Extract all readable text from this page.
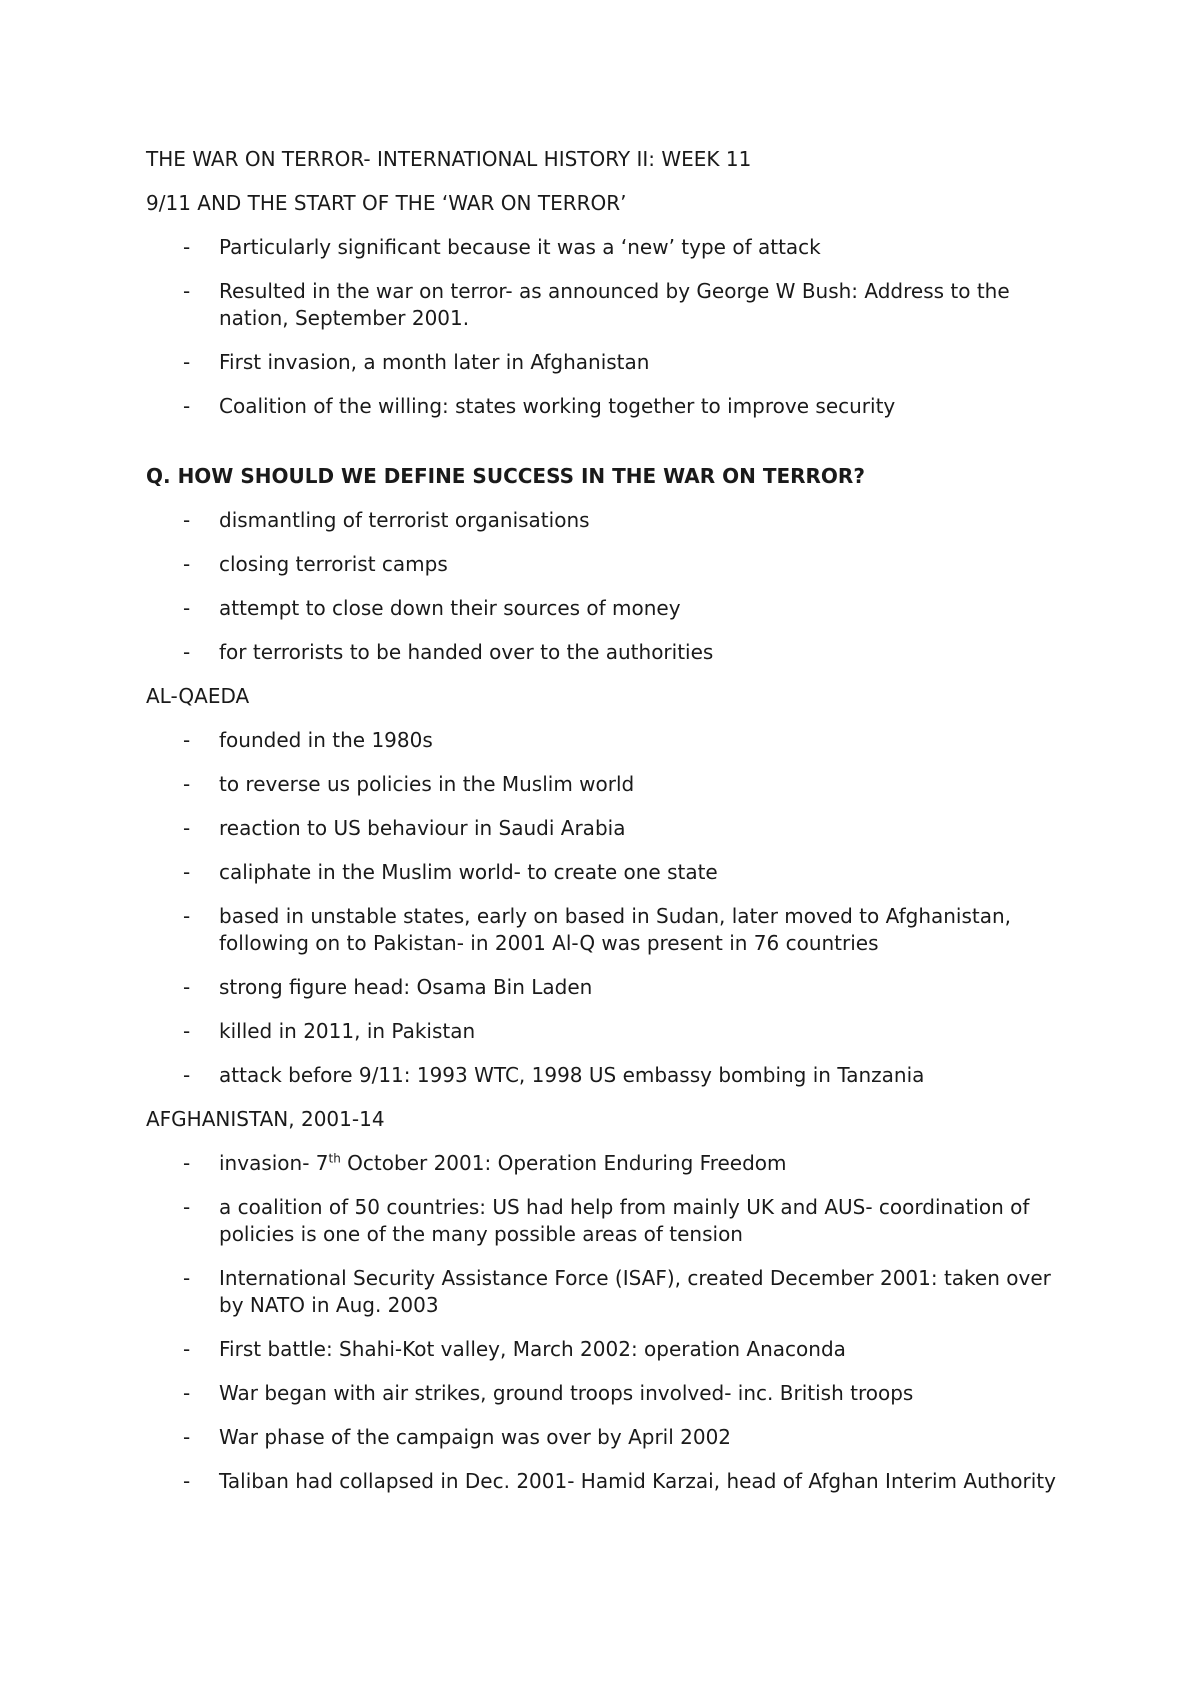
THE WAR ON TERROR- INTERNATIONAL HISTORY II: WEEK 11

9/11 AND THE START OF THE ‘WAR ON TERROR’

- Particularly significant because it was a ‘new’ type of attack
- Resulted in the war on terror- as announced by George W Bush: Address to the nation, September 2001.
- First invasion, a month later in Afghanistan
- Coalition of the willing: states working together to improve security

Q. HOW SHOULD WE DEFINE SUCCESS IN THE WAR ON TERROR?

- dismantling of terrorist organisations
- closing terrorist camps
- attempt to close down their sources of money
- for terrorists to be handed over to the authorities

AL-QAEDA

- founded in the 1980s
- to reverse us policies in the Muslim world
- reaction to US behaviour in Saudi Arabia
- caliphate in the Muslim world- to create one state
- based in unstable states, early on based in Sudan, later moved to Afghanistan, following on to Pakistan- in 2001 Al-Q was present in 76 countries
- strong figure head: Osama Bin Laden
- killed in 2011, in Pakistan
- attack before 9/11: 1993 WTC, 1998 US embassy bombing in Tanzania

AFGHANISTAN, 2001-14

- invasion- 7th October 2001: Operation Enduring Freedom
- a coalition of 50 countries: US had help from mainly UK and AUS- coordination of policies is one of the many possible areas of tension
- International Security Assistance Force (ISAF), created December 2001: taken over by NATO in Aug. 2003
- First battle: Shahi-Kot valley, March 2002: operation Anaconda
- War began with air strikes, ground troops involved- inc. British troops
- War phase of the campaign was over by April 2002
- Taliban had collapsed in Dec. 2001- Hamid Karzai, head of Afghan Interim Authority
